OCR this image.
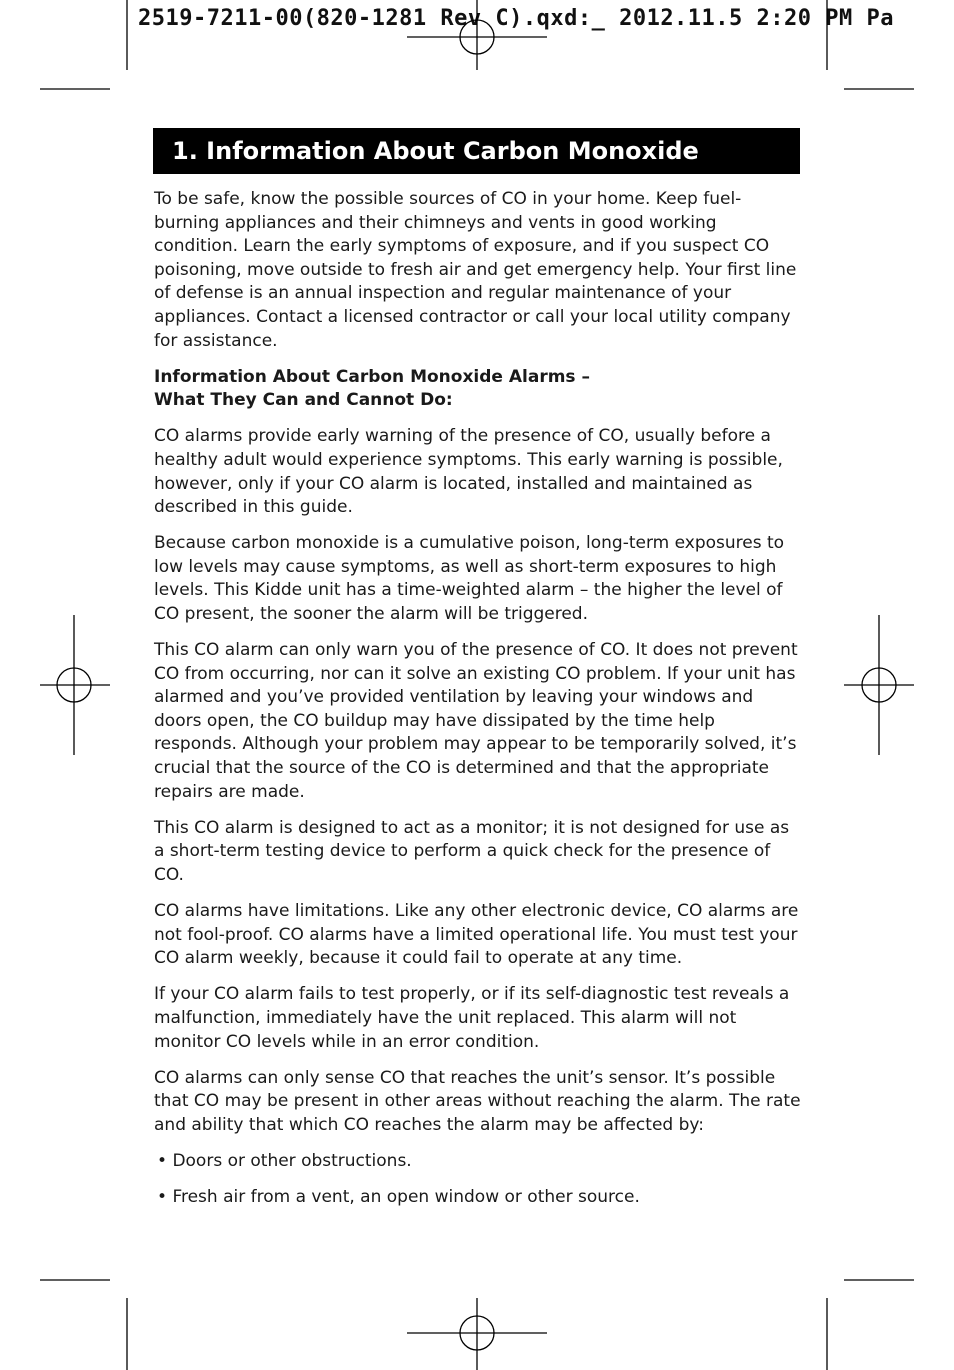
2519-7211-00(820-1281 Rev C).qxd:_ 2012.11.5 2:20 PM Pa
1. Information About Carbon Monoxide

To be safe, know the possible sources of CO in your home. Keep fuel-burning appliances and their chimneys and vents in good working condition. Learn the early symptoms of exposure, and if you suspect CO poisoning, move outside to fresh air and get emergency help. Your first line of defense is an annual inspection and regular maintenance of your appliances. Contact a licensed contractor or call your local utility company for assistance.

Information About Carbon Monoxide Alarms –
What They Can and Cannot Do:

CO alarms provide early warning of the presence of CO, usually before a healthy adult would experience symptoms. This early warning is possible, however, only if your CO alarm is located, installed and maintained as described in this guide.

Because carbon monoxide is a cumulative poison, long-term exposures to low levels may cause symptoms, as well as short-term exposures to high levels. This Kidde unit has a time-weighted alarm – the higher the level of CO present, the sooner the alarm will be triggered.

This CO alarm can only warn you of the presence of CO. It does not prevent CO from occurring, nor can it solve an existing CO problem. If your unit has alarmed and you’ve provided ventilation by leaving your windows and doors open, the CO buildup may have dissipated by the time help responds. Although your problem may appear to be temporarily solved, it’s crucial that the source of the CO is determined and that the appropriate repairs are made.

This CO alarm is designed to act as a monitor; it is not designed for use as a short-term testing device to perform a quick check for the presence of CO.

CO alarms have limitations. Like any other electronic device, CO alarms are not fool-proof. CO alarms have a limited operational life. You must test your CO alarm weekly, because it could fail to operate at any time.

If your CO alarm fails to test properly, or if its self-diagnostic test reveals a malfunction, immediately have the unit replaced. This alarm will not monitor CO levels while in an error condition.

CO alarms can only sense CO that reaches the unit’s sensor. It’s possible that CO may be present in other areas without reaching the alarm. The rate and ability that which CO reaches the alarm may be affected by:

• Doors or other obstructions.
• Fresh air from a vent, an open window or other source.
